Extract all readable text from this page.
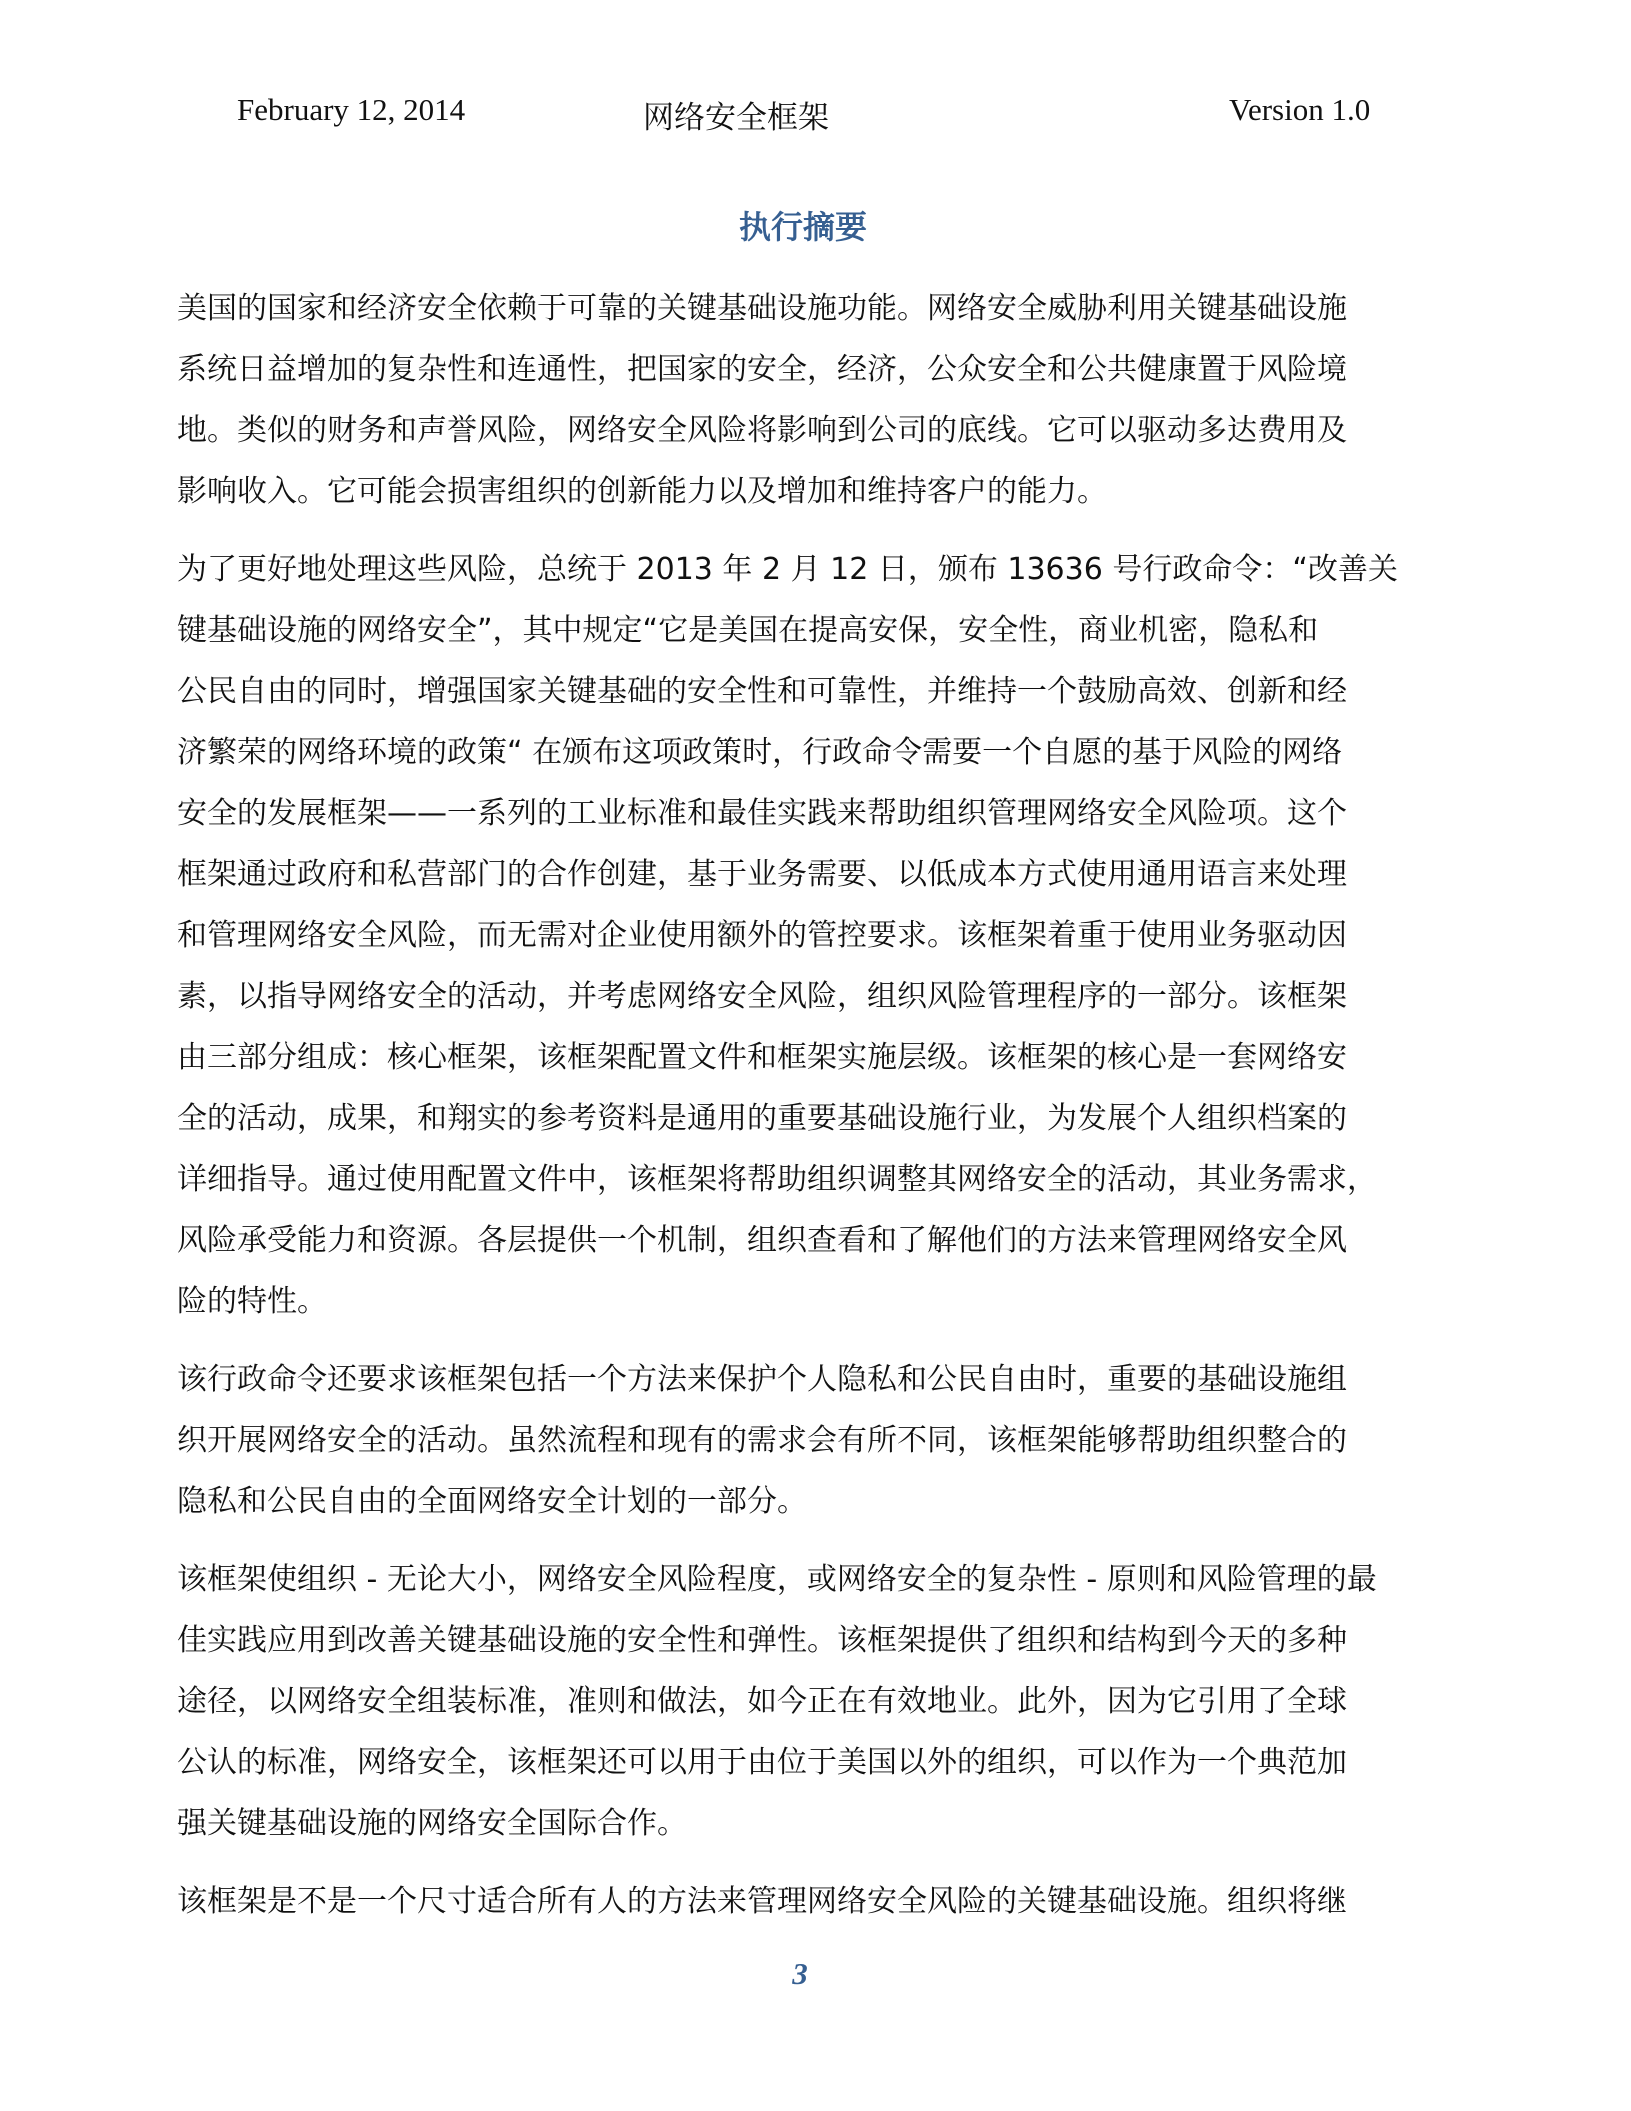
February 12, 2014	网络安全框架	Version 1.0
执行摘要
美国的国家和经济安全依赖于可靠的关键基础设施功能。网络安全威胁利用关键基础设施
系统日益增加的复杂性和连通性，把国家的安全，经济，公众安全和公共健康置于风险境
地。类似的财务和声誉风险，网络安全风险将影响到公司的底线。它可以驱动多达费用及
影响收入。它可能会损害组织的创新能力以及增加和维持客户的能力。
为了更好地处理这些风险，总统于 2013 年 2 月 12 日，颁布 13636 号行政命令：“改善关
键基础设施的网络安全”，其中规定“它是美国在提高安保，安全性，商业机密，隐私和
公民自由的同时，增强国家关键基础的安全性和可靠性，并维持一个鼓励高效、创新和经
济繁荣的网络环境的政策“ 在颁布这项政策时，行政命令需要一个自愿的基于风险的网络
安全的发展框架——一系列的工业标准和最佳实践来帮助组织管理网络安全风险项。这个
框架通过政府和私营部门的合作创建，基于业务需要、以低成本方式使用通用语言来处理
和管理网络安全风险，而无需对企业使用额外的管控要求。该框架着重于使用业务驱动因
素，以指导网络安全的活动，并考虑网络安全风险，组织风险管理程序的一部分。该框架
由三部分组成：核心框架，该框架配置文件和框架实施层级。该框架的核心是一套网络安
全的活动，成果，和翔实的参考资料是通用的重要基础设施行业，为发展个人组织档案的
详细指导。通过使用配置文件中，该框架将帮助组织调整其网络安全的活动，其业务需求，
风险承受能力和资源。各层提供一个机制，组织查看和了解他们的方法来管理网络安全风
险的特性。
该行政命令还要求该框架包括一个方法来保护个人隐私和公民自由时，重要的基础设施组
织开展网络安全的活动。虽然流程和现有的需求会有所不同，该框架能够帮助组织整合的
隐私和公民自由的全面网络安全计划的一部分。
该框架使组织 - 无论大小，网络安全风险程度，或网络安全的复杂性 - 原则和风险管理的最
佳实践应用到改善关键基础设施的安全性和弹性。该框架提供了组织和结构到今天的多种
途径，以网络安全组装标准，准则和做法，如今正在有效地业。此外，因为它引用了全球
公认的标准，网络安全，该框架还可以用于由位于美国以外的组织，可以作为一个典范加
强关键基础设施的网络安全国际合作。
该框架是不是一个尺寸适合所有人的方法来管理网络安全风险的关键基础设施。组织将继
3
